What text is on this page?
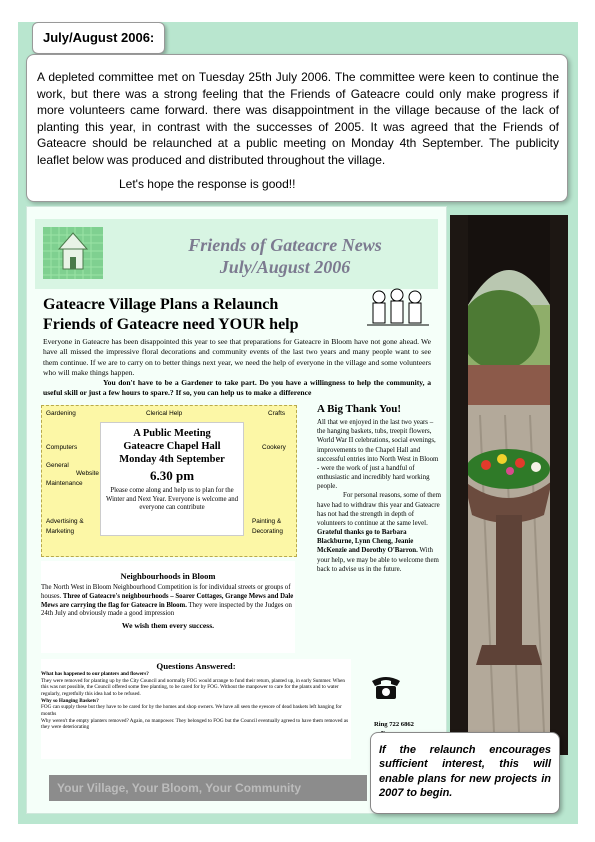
July/August 2006:

A depleted committee met on Tuesday 25th July 2006. The committee were keen to continue the work, but there was a strong feeling that the Friends of Gateacre could only make progress if more volunteers came forward. there was disappointment in the village because of the lack of planting this year, in contrast with the successes of 2005. It was agreed that the Friends of Gateacre should be relaunched at a public meeting on Monday 4th September. The publicity leaflet below was produced and distributed throughout the village.

Let's hope the response is good!!
Friends of Gateacre News
July/August 2006
Gateacre Village Plans a Relaunch
Friends of Gateacre need YOUR help
Everyone in Gateacre has been disappointed this year to see that preparations for Gateacre in Bloom have not gone ahead. We have all missed the impressive floral decorations and community events of the last two years and many people want to see them continue. If we are to carry on to better things next year, we need the help of everyone in the village and some volunteers who will make things happen.
You don't have to be a Gardener to take part. Do you have a willingness to help the community, a useful skill or just a few hours to spare.? If so, you can help us to make a difference
Gardening	Clerical Help	Crafts
Computers	Cookery
General
Website
Maintenance
Advertising &
Marketing
Painting &
Decorating
A Public Meeting
Gateacre Chapel Hall
Monday 4th September
6.30 pm
Please come along and help us to plan for the Winter and Next Year. Everyone is welcome and everyone can contribute
A Big Thank You!
All that we enjoyed in the last two years – the hanging baskets, tubs, treepit flowers, World War II celebrations, social evenings, improvements to the Chapel Hall and successful entries into North West in Bloom - were the work of just a handful of enthusiastic and incredibly hard working people.
For personal reasons, some of them have had to withdraw this year and Gateacre has not had the strength in depth of volunteers to continue at the same level.
Grateful thanks go to Barbara Blackburne, Lynn Cheng, Jeanie McKenzie and Dorothy O'Barron. With your help, we may be able to welcome them back to advise us in the future.
Neighbourhoods in Bloom
The North West in Bloom Neighbourhood Competition is for individual streets or groups of houses. Three of Gateacre's neighbourhoods – Soarer Cottages, Grange Mews and Dale Mews are carrying the flag for Gateacre in Bloom. They were inspected by the Judges on 24th July and obviously made a good impression
We wish them every success.
Questions Answered:
What has happened to our planters and flowers?
They were removed for planting up by the City Council and normally FOG would arrange to fund their return, planted up, in early Summer. When this was not possible, the Council offered some free planting, to be cared for by FOG. Without the manpower to care for the plants and to water regularly, regretfully this idea had to be refused.
Why so Hanging Baskets?
FOG can supply these but they have to be cared for by the homes and shop owners. We have all seen the eyesore of dead baskets left hanging for months
Why weren't the empty planters removed? Again, no manpower. They belonged to FOG but the Council eventually agreed to have them removed as they were deteriorating	Ring 722 6862
Your Village, Your Bloom, Your Community

If the relaunch encourages sufficient interest, this will enable plans for new projects in 2007 to begin.
